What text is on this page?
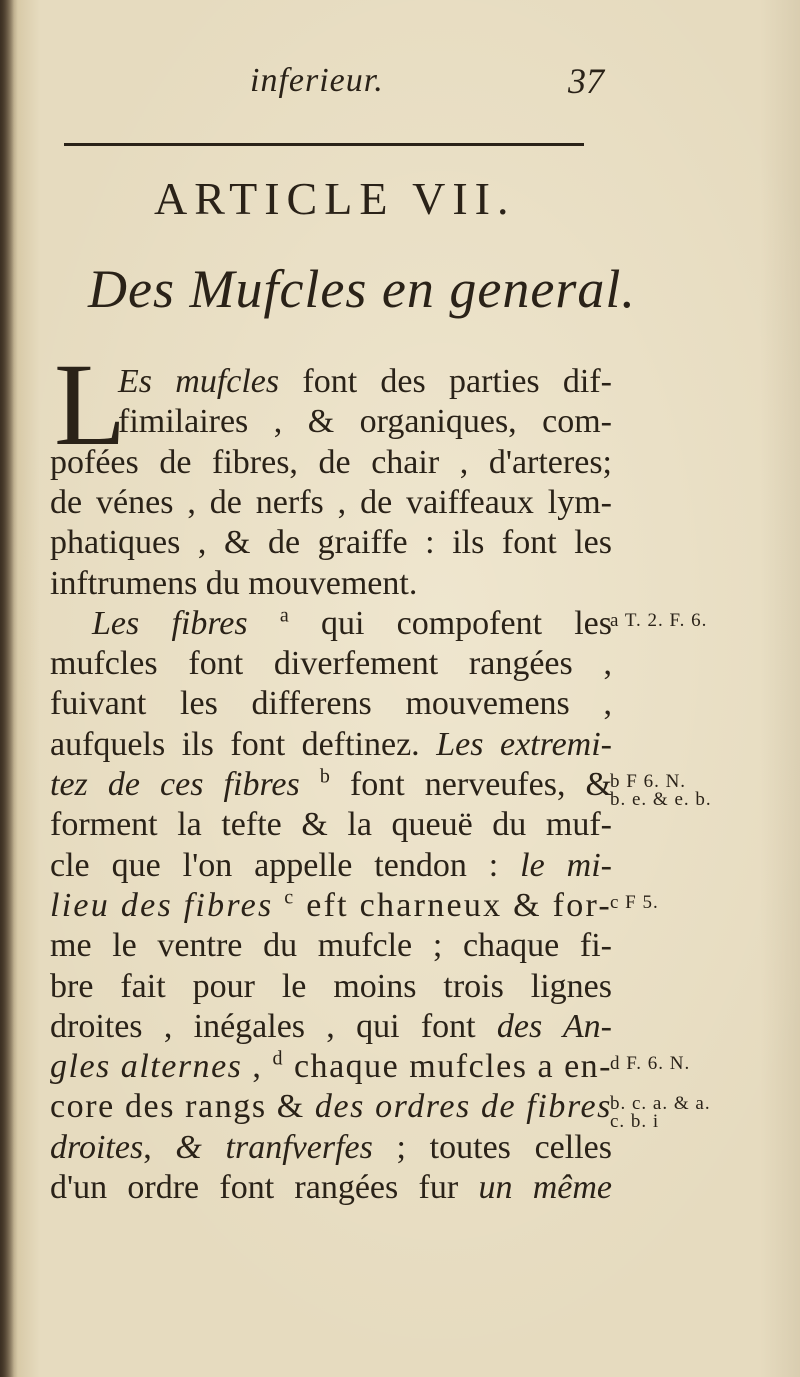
inferieur.	37
ARTICLE VII.
Des Mufcles en general.
L
Es mufcles font des parties dif-
fimilaires , & organiques, com-
pofées de fibres, de chair , d'arteres;
de vénes , de nerfs , de vaiffeaux lym-
phatiques , & de graiffe : ils font les
inftrumens du mouvement.
Les fibres $^a$ qui compofent les
mufcles font diverfement rangées ,
fuivant les differens mouvemens ,
aufquels ils font deftinez. Les extremi-
tez de ces fibres $^b$ font nerveufes, &
forment la tefte & la queuë du muf-
cle que l'on appelle tendon : le mi-
lieu des fibres $^c$ eft charneux & for-
me le ventre du mufcle ; chaque fi-
bre fait pour le moins trois lignes
droites , inégales , qui font des An-
gles alternes , $^d$ chaque mufcles a en-
core des rangs & des ordres de fibres
droites, & tranfverfes ; toutes celles
d'un ordre font rangées fur un même
a T. 2. F. 6.
b F 6. N.
b. e. & e. b.
c F 5.
d F. 6. N.
b. c. a. & a.
c. b. i
